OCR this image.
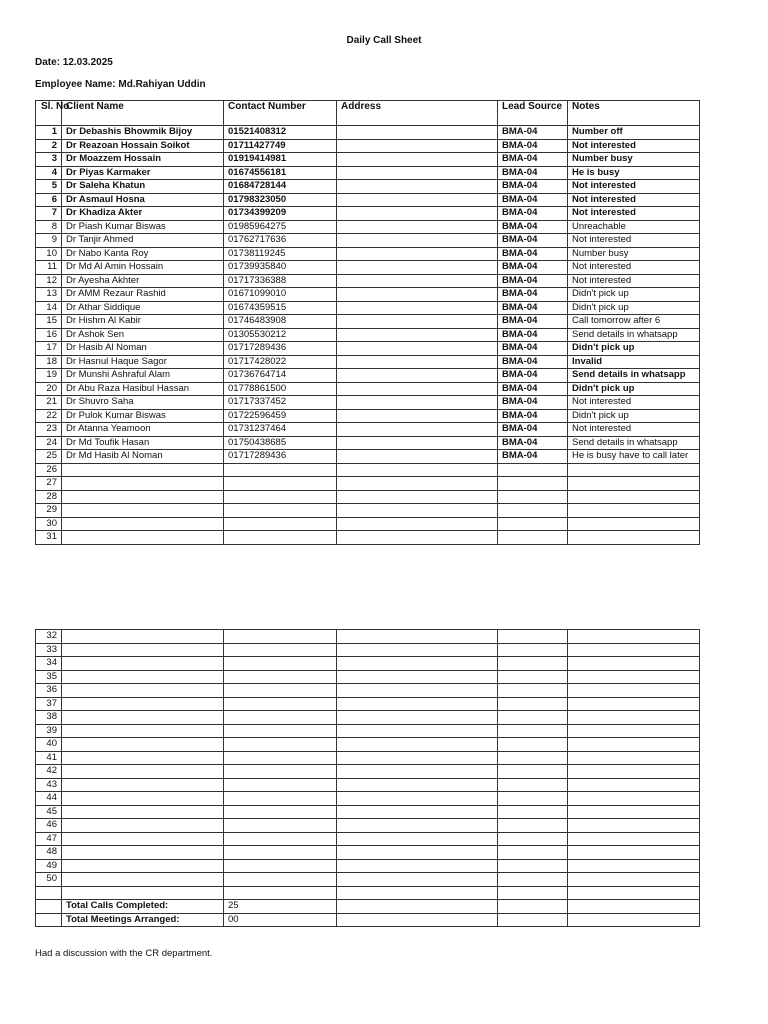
Daily Call Sheet
Date: 12.03.2025
Employee Name: Md.Rahiyan Uddin
Sl. No.	Client Name	Contact Number	Address	Lead Source	Notes
1	Dr Debashis Bhowmik Bijoy	01521408312		BMA-04	Number off
2	Dr Reazoan Hossain Soikot	01711427749		BMA-04	Not interested
3	Dr Moazzem Hossain	01919414981		BMA-04	Number busy
4	Dr Piyas Karmaker	01674556181		BMA-04	He is busy
5	Dr Saleha Khatun	01684728144		BMA-04	Not interested
6	Dr Asmaul Hosna	01798323050		BMA-04	Not interested
7	Dr Khadiza Akter	01734399209		BMA-04	Not interested
8	Dr Piash Kumar Biswas	01985964275		BMA-04	Unreachable
9	Dr Tanjir Ahmed	01762717636		BMA-04	Not interested
10	Dr Nabo Kanta Roy	01738119245		BMA-04	Number busy
11	Dr Md Al Amin Hossain	01739935840		BMA-04	Not interested
12	Dr Ayesha Akhter	01717336388		BMA-04	Not interested
13	Dr AMM Rezaur Rashid	01671099010		BMA-04	Didn't pick up
14	Dr Athar Siddique	01674359515		BMA-04	Didn't pick up
15	Dr Hishm Al Kabir	01746483908		BMA-04	Call tomorrow after 6
16	Dr Ashok Sen	01305530212		BMA-04	Send details in whatsapp
17	Dr Hasib Al Noman	01717289436		BMA-04	Didn't pick up
18	Dr Hasnul Haque Sagor	01717428022		BMA-04	Invalid
19	Dr Munshi Ashraful Alam	01736764714		BMA-04	Send details in whatsapp
20	Dr Abu Raza Hasibul Hassan	01778861500		BMA-04	Didn't pick up
21	Dr Shuvro Saha	01717337452		BMA-04	Not interested
22	Dr Pulok Kumar Biswas	01722596459		BMA-04	Didn't pick up
23	Dr Atanna Yeamoon	01731237464		BMA-04	Not interested
24	Dr Md Toufik Hasan	01750438685		BMA-04	Send details in whatsapp
25	Dr Md Hasib Al Noman	01717289436		BMA-04	He is busy have to call later
26					
27					
28					
29					
30					
31					
32					
33					
34					
35					
36					
37					
38					
39					
40					
41					
42					
43					
44					
45					
46					
47					
48					
49					
50					

	Total Calls Completed:	25			
	Total Meetings Arranged:	00			
Had a discussion with the CR department.
